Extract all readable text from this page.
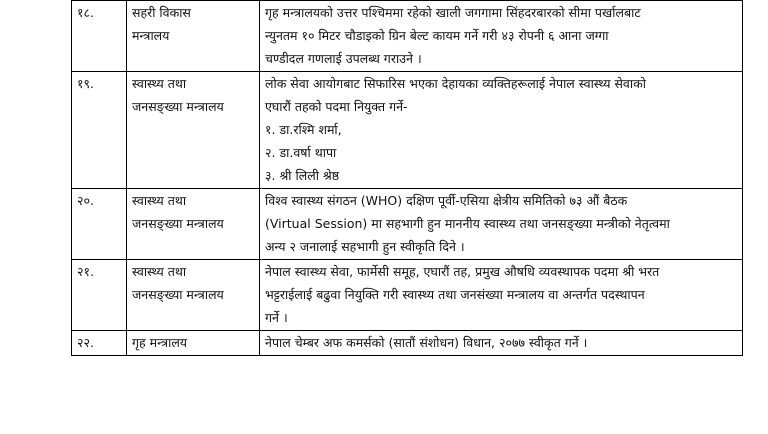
१८.	सहरी विकास
मन्त्रालय	गृह मन्त्रालयको उत्तर पश्चिममा रहेको खाली जगगामा सिंहदरबारको सीमा पर्खालबाट
न्युनतम १० मिटर चौडाइको ग्रिन बेल्ट कायम गर्ने गरी ४३ रोपनी ६ आना जग्गा
चण्डीदल गणलाई उपलब्ध गराउने ।

१९.	स्वास्थ्य तथा
जनसङ्ख्या मन्त्रालय	लोक सेवा आयोगबाट सिफारिस भएका देहायका व्यक्तिहरूलाई नेपाल स्वास्थ्य सेवाको
एघारौं तहको पदमा नियुक्त गर्ने-
१. डा.रश्मि शर्मा,
२. डा.वर्षा थापा
३. श्री लिली श्रेष्ठ

२०.	स्वास्थ्य तथा
जनसङ्ख्या मन्त्रालय	विश्व स्वास्थ्य संगठन (WHO) दक्षिण पूर्वी-एसिया क्षेत्रीय समितिको ७३ औं बैठक
(Virtual Session) मा सहभागी हुन माननीय स्वास्थ्य तथा जनसङ्ख्या मन्त्रीको नेतृत्वमा
अन्य २ जनालाई सहभागी हुन स्वीकृति दिने ।

२१.	स्वास्थ्य तथा
जनसङ्ख्या मन्त्रालय	नेपाल स्वास्थ्य सेवा, फार्मेसी समूह, एघारौं तह, प्रमुख औषधि व्यवस्थापक पदमा श्री भरत
भट्टराईलाई बढुवा नियुक्ति गरी स्वास्थ्य तथा जनसंख्या मन्त्रालय वा अन्तर्गत पदस्थापन
गर्ने ।

२२.	गृह मन्त्रालय	नेपाल चेम्बर अफ कमर्सको (सातौं संशोधन) विधान, २०७७ स्वीकृत गर्ने ।
